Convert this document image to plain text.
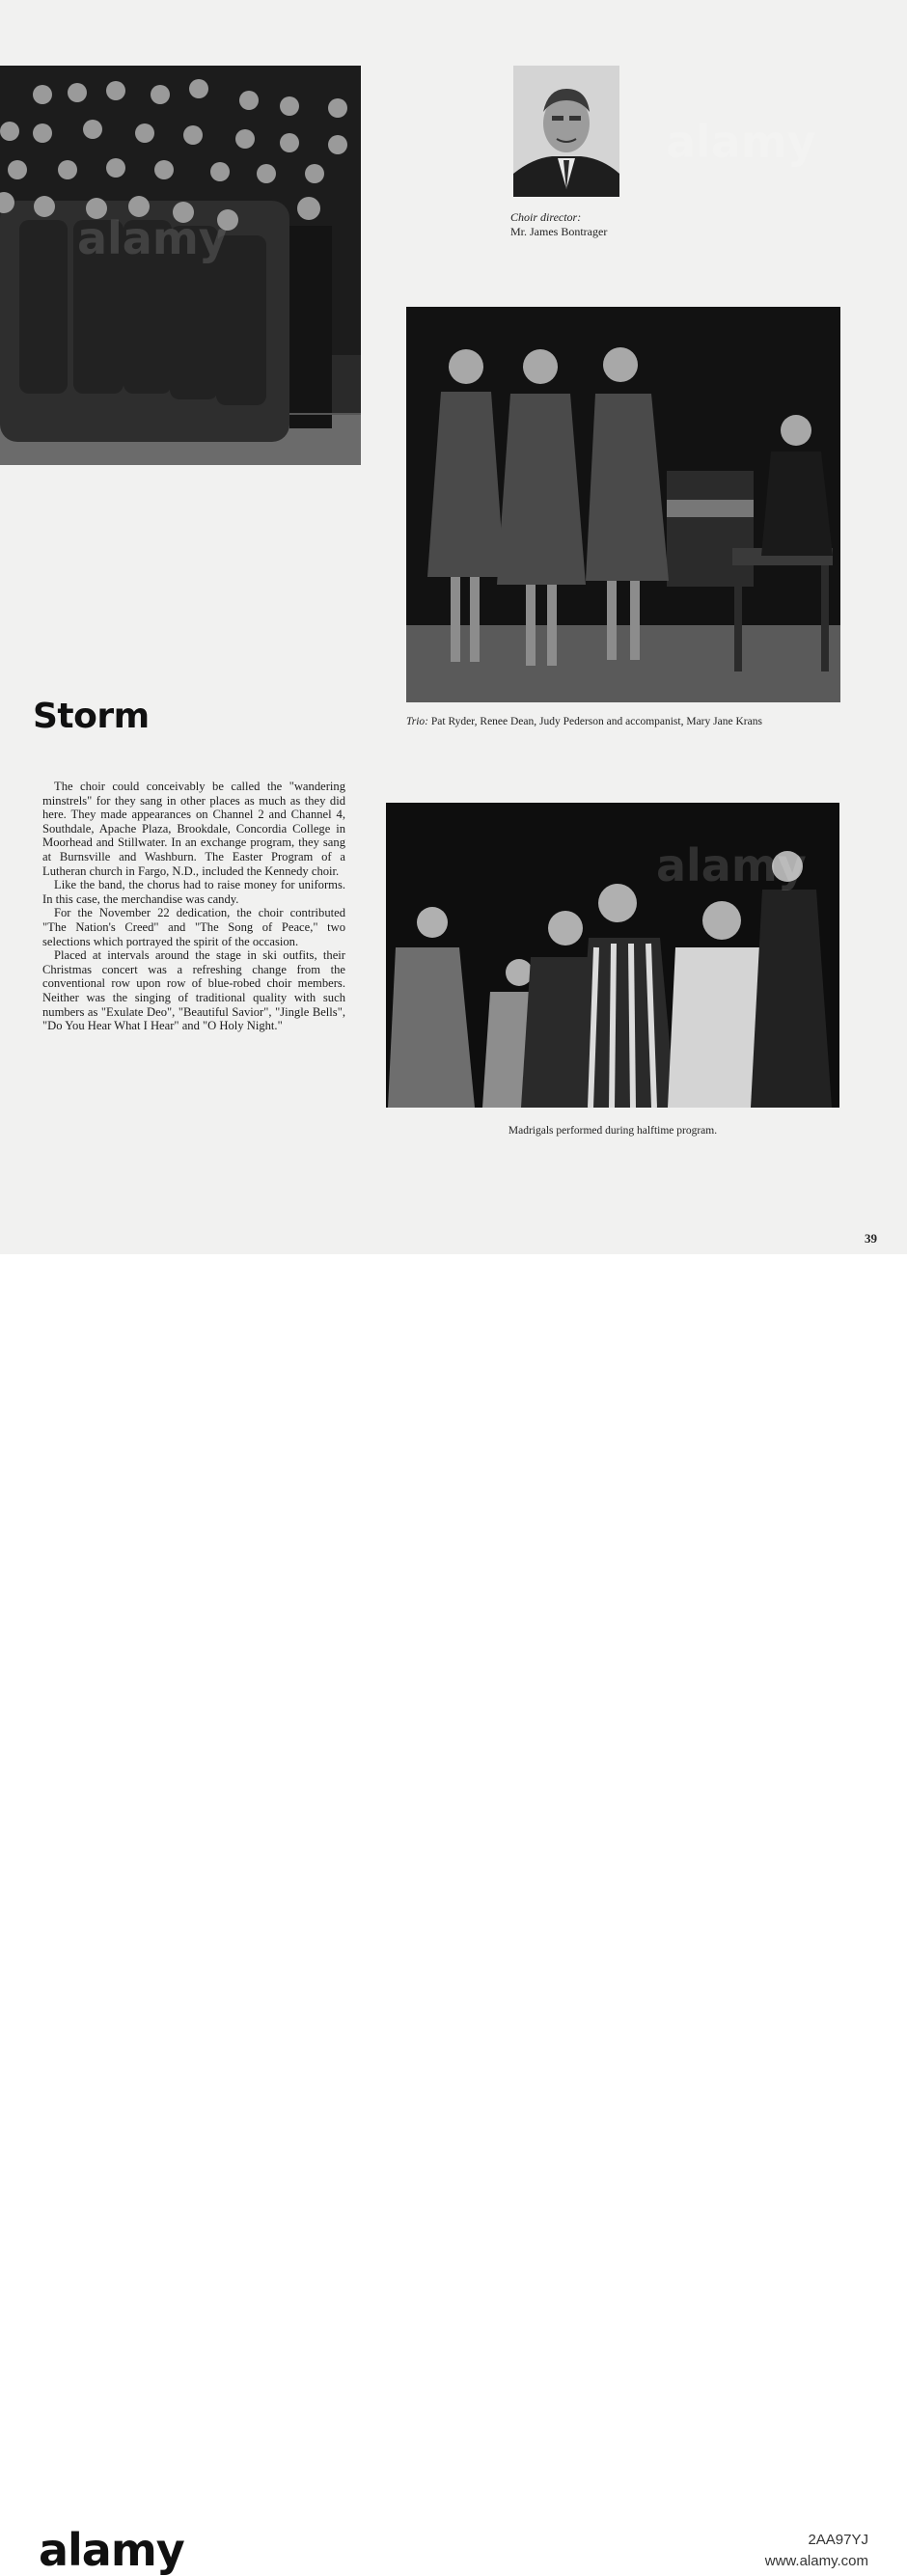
Choir director:
Mr. James Bontrager
Trio: Pat Ryder, Renee Dean, Judy Pederson and accompanist, Mary Jane Krans
Storm

The choir could conceivably be called the "wandering minstrels" for they sang in other places as much as they did here. They made appearances on Channel 2 and Channel 4, Southdale, Apache Plaza, Brookdale, Concordia College in Moorhead and Stillwater. In an exchange program, they sang at Burnsville and Washburn. The Easter Program of a Lutheran church in Fargo, N.D., included the Kennedy choir.

Like the band, the chorus had to raise money for uniforms. In this case, the merchandise was candy.

For the November 22 dedication, the choir contributed "The Nation's Creed" and "The Song of Peace," two selections which portrayed the spirit of the occasion.

Placed at intervals around the stage in ski outfits, their Christmas concert was a refreshing change from the conventional row upon row of blue-robed choir members. Neither was the singing of traditional quality with such numbers as "Exulate Deo", "Beautiful Savior", "Jingle Bells", "Do You Hear What I Hear" and "O Holy Night."

Madrigals performed during halftime program.
39
alamy
alamy	2AA97YJ
www.alamy.com
